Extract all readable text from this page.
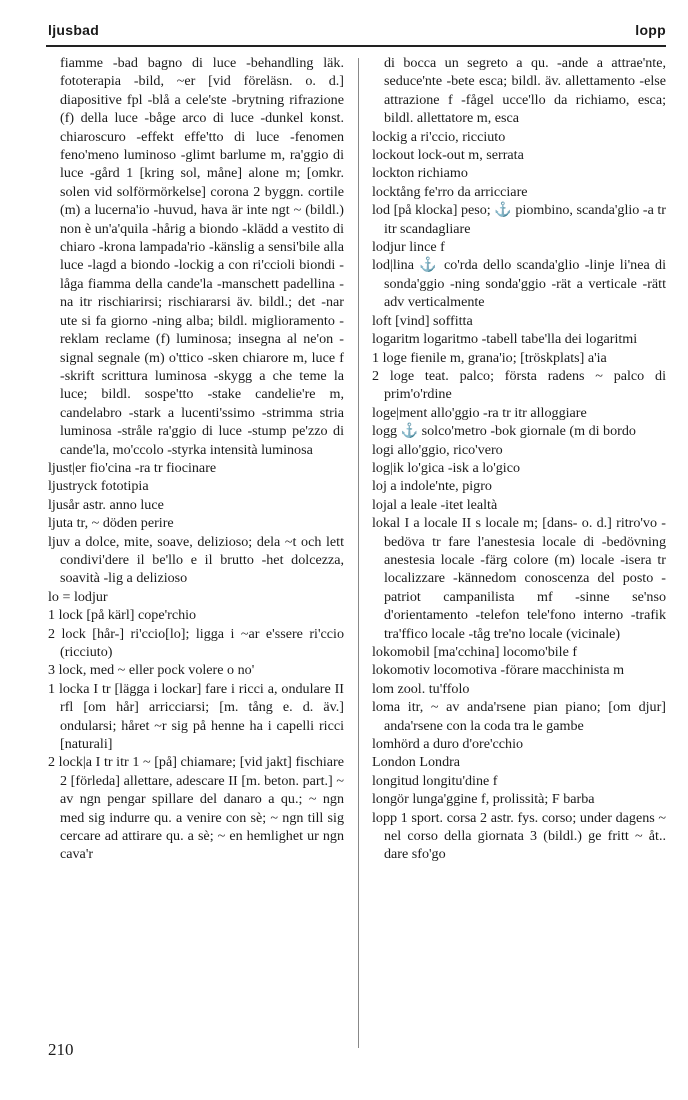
ljusbad	lopp

fiamme -bad bagno di luce -behandling läk. fototerapia -bild, ~er [vid föreläsn. o. d.] diapositive fpl -blå a cele'ste -brytning rifrazione (f) della luce -båge arco di luce -dunkel konst. chiaroscuro -effekt effe'tto di luce -fenomen feno'meno luminoso -glimt barlume m, ra'ggio di luce -gård 1 [kring sol, måne] alone m; [omkr. solen vid solförmörkelse] corona 2 byggn. cortile (m) a lucerna'io -huvud, hava är inte ngt ~ (bildl.) non è un'a'quila -hårig a biondo -klädd a vestito di chiaro -krona lampada'rio -känslig a sensi'bile alla luce -lagd a biondo -lockig a con ri'ccioli biondi -låga fiamma della cande'la -manschett padellina -na itr rischiarirsi; rischiararsi äv. bildl.; det -nar ute si fa giorno -ning alba; bildl. miglioramento -reklam reclame (f) luminosa; insegna al ne'on -signal segnale (m) o'ttico -sken chiarore m, luce f -skrift scrittura luminosa -skygg a che teme la luce; bildl. sospe'tto -stake candelie're m, candelabro -stark a lucenti'ssimo -strimma stria luminosa -stråle ra'ggio di luce -stump pe'zzo di cande'la, mo'ccolo -styrka intensità luminosa

ljust|er fio'cina -ra tr fiocinare

ljustryck fototipia

ljusår astr. anno luce

ljuta tr, ~ döden perire

ljuv a dolce, mite, soave, delizioso; dela ~t och lett condivi'dere il be'llo e il brutto -het dolcezza, soavità -lig a delizioso

lo = lodjur

1 lock [på kärl] cope'rchio

2 lock [hår-] ri'ccio[lo]; ligga i ~ar e'ssere ri'ccio (ricciuto)

3 lock, med ~ eller pock volere o no'

1 locka I tr [lägga i lockar] fare i ricci a, ondulare II rfl [om hår] arricciarsi; [m. tång e. d. äv.] ondularsi; håret ~r sig på henne ha i capelli ricci [naturali]

2 lock|a I tr itr 1 ~ [på] chiamare; [vid jakt] fischiare 2 [förleda] allettare, adescare II [m. beton. part.] ~ av ngn pengar spillare del danaro a qu.; ~ ngn med sig indurre qu. a venire con sè; ~ ngn till sig cercare ad attirare qu. a sè; ~ en hemlighet ur ngn cava'r

di bocca un segreto a qu. -ande a attrae'nte, seduce'nte -bete esca; bildl. äv. allettamento -else attrazione f -fågel ucce'llo da richiamo, esca; bildl. allettatore m, esca

lockig a ri'ccio, ricciuto

lockout lock-out m, serrata

lockton richiamo

locktång fe'rro da arricciare

lod [på klocka] peso; ⚓ piombino, scanda'glio -a tr itr scandagliare

lodjur lince f

lod|lina ⚓ co'rda dello scanda'glio -linje li'nea di sonda'ggio -ning sonda'ggio -rät a verticale -rätt adv verticalmente

loft [vind] soffitta

logaritm logaritmo -tabell tabe'lla dei logaritmi

1 loge fienile m, grana'io; [tröskplats] a'ia

2 loge teat. palco; första radens ~ palco di prim'o'rdine

loge|ment allo'ggio -ra tr itr alloggiare

logg ⚓ solco'metro -bok giornale (m di bordo

logi allo'ggio, rico'vero

log|ik lo'gica -isk a lo'gico

loj a indole'nte, pigro

lojal a leale -itet lealtà

lokal I a locale II s locale m; [dans- o. d.] ritro'vo -bedöva tr fare l'anestesia locale di -bedövning anestesia locale -färg colore (m) locale -isera tr localizzare -kännedom conoscenza del posto -patriot campanilista mf -sinne se'nso d'orientamento -telefon tele'fono interno -trafik tra'ffico locale -tåg tre'no locale (vicinale)

lokomobil [ma'cchina] locomo'bile f

lokomotiv locomotiva -förare macchinista m

lom zool. tu'ffolo

loma itr, ~ av anda'rsene pian piano; [om djur] anda'rsene con la coda tra le gambe

lomhörd a duro d'ore'cchio

London Londra

longitud longitu'dine f

longör lunga'ggine f, prolissità; F barba

lopp 1 sport. corsa 2 astr. fys. corso; under dagens ~ nel corso della giornata 3 (bildl.) ge fritt ~ åt.. dare sfo'go

210
